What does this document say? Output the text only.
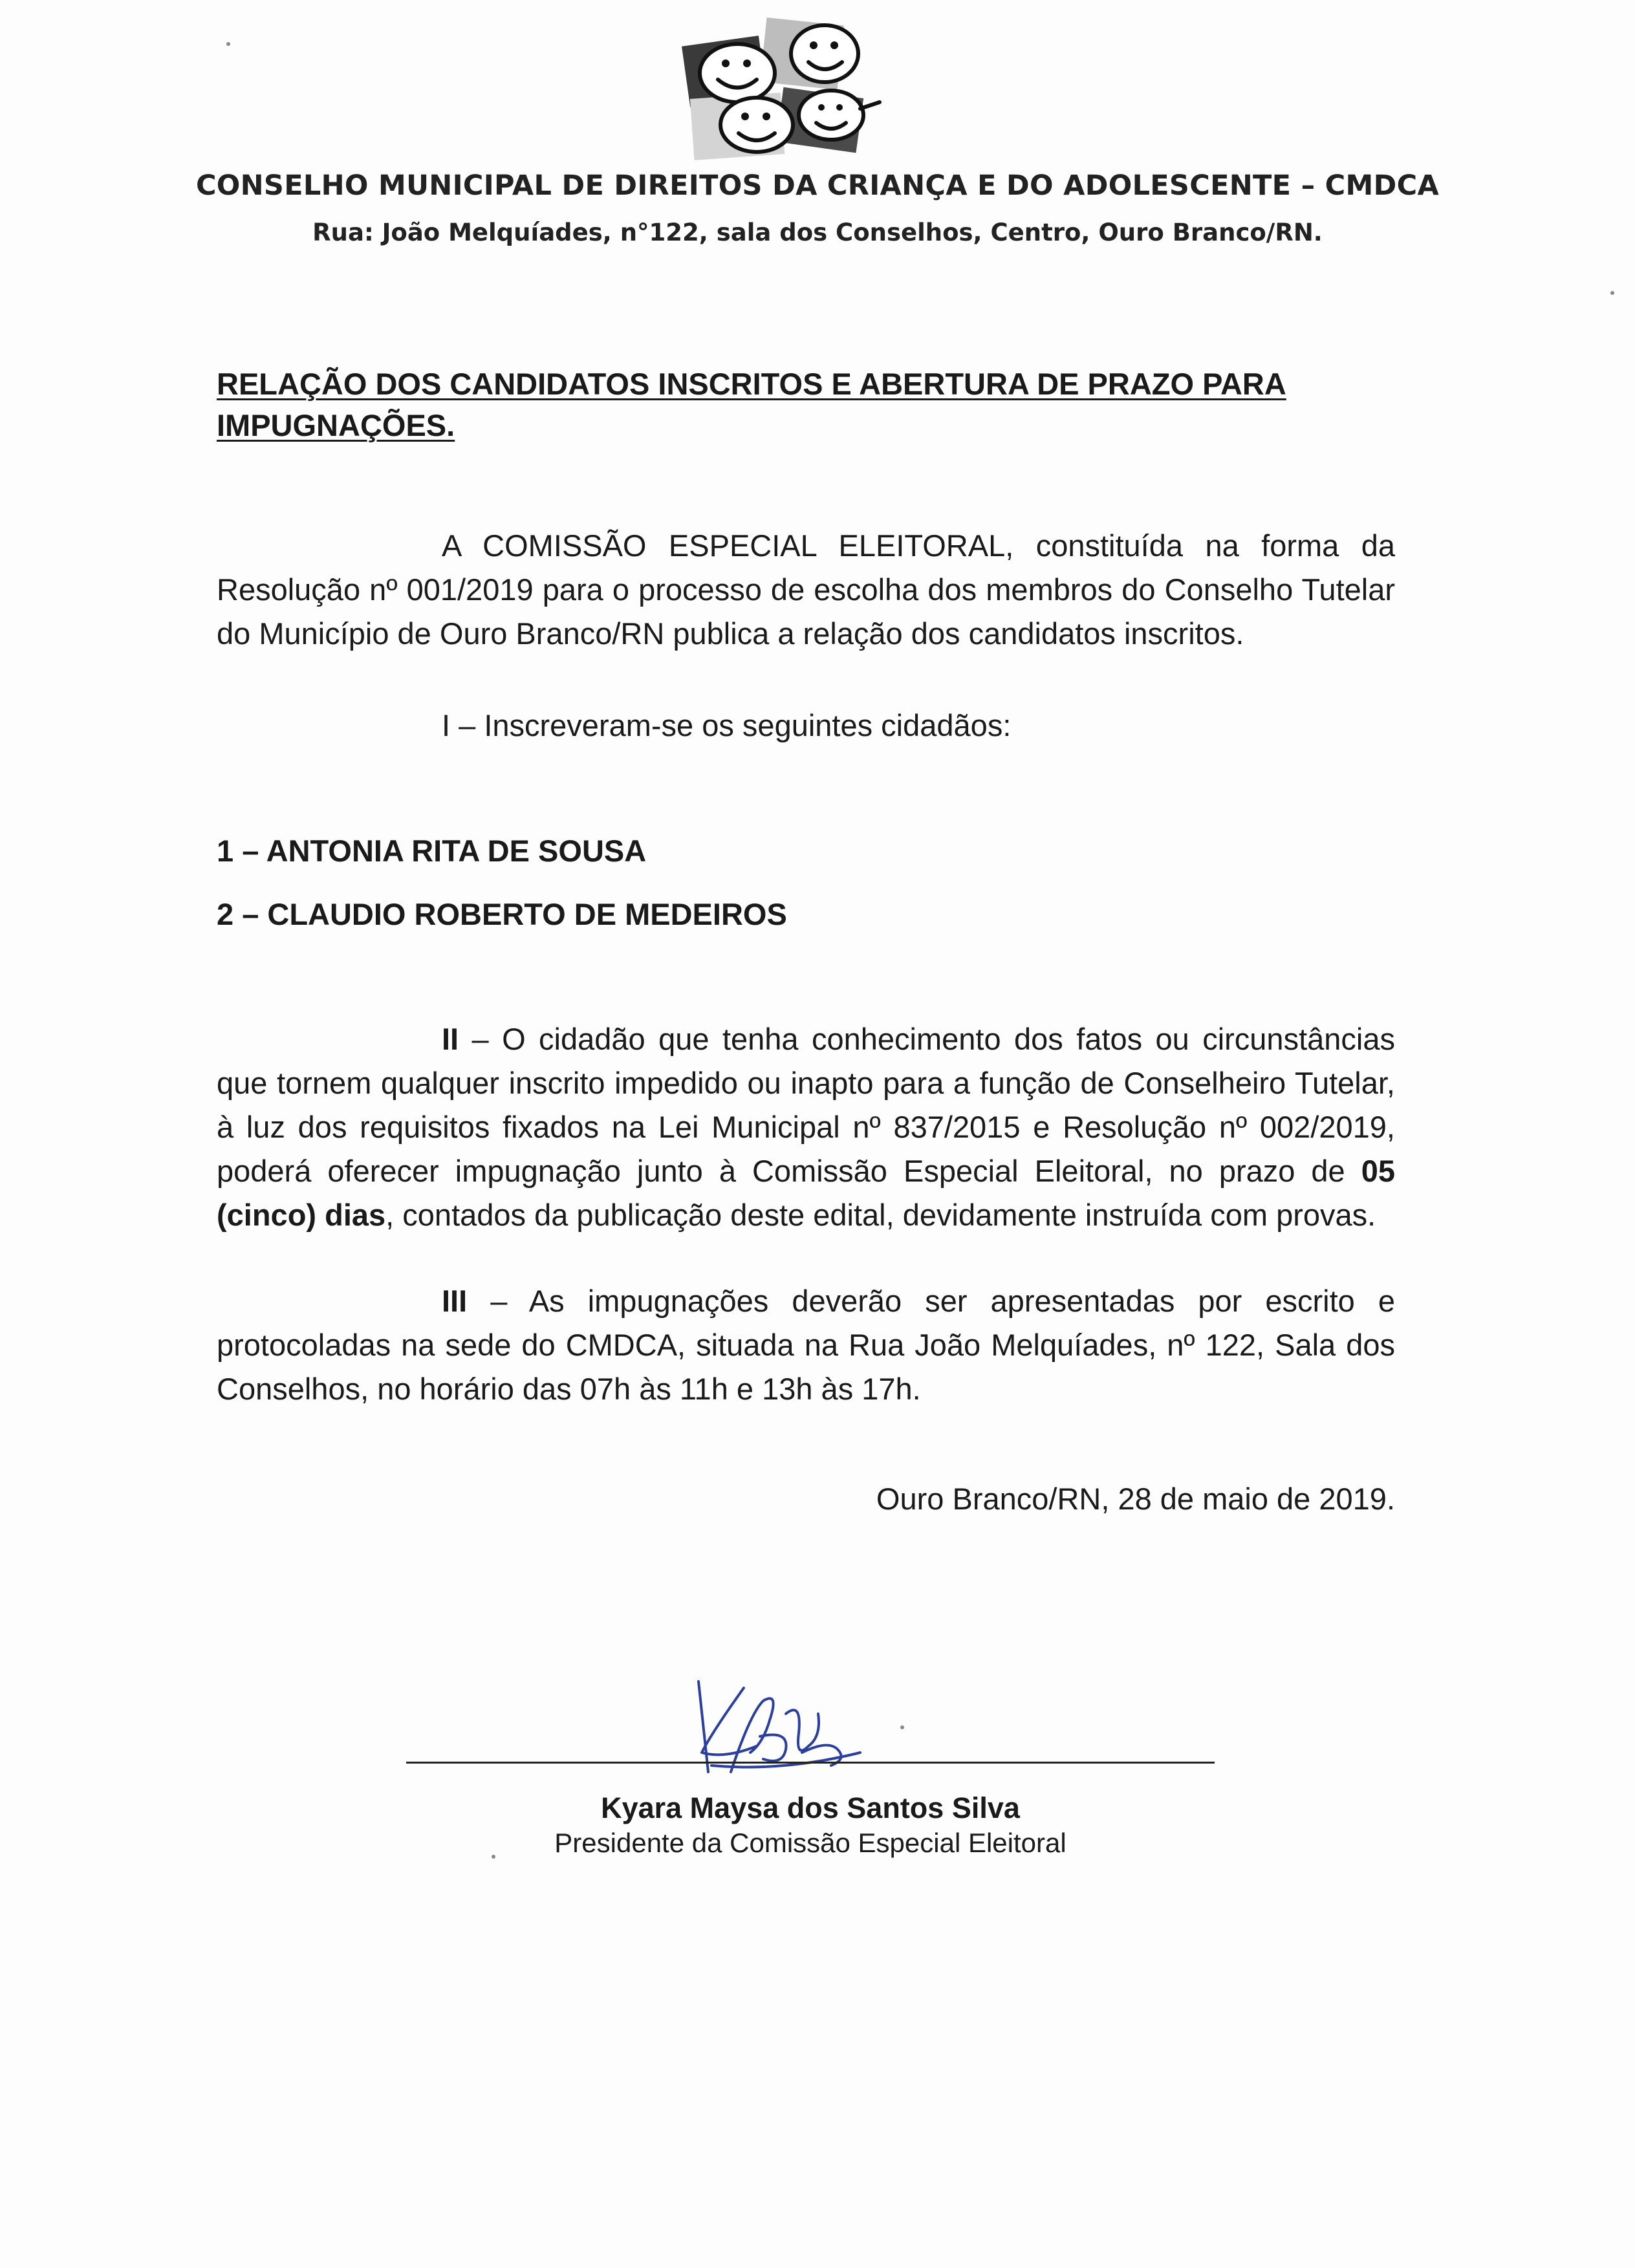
CONSELHO MUNICIPAL DE DIREITOS DA CRIANÇA E DO ADOLESCENTE – CMDCA
Rua: João Melquíades, n°122, sala dos Conselhos, Centro, Ouro Branco/RN.
RELAÇÃO DOS CANDIDATOS INSCRITOS E ABERTURA DE PRAZO PARA IMPUGNAÇÕES.
A COMISSÃO ESPECIAL ELEITORAL, constituída na forma da Resolução nº 001/2019 para o processo de escolha dos membros do Conselho Tutelar do Município de Ouro Branco/RN publica a relação dos candidatos inscritos.
I – Inscreveram-se os seguintes cidadãos:
1 – ANTONIA RITA DE SOUSA
2 – CLAUDIO ROBERTO DE MEDEIROS
II – O cidadão que tenha conhecimento dos fatos ou circunstâncias que tornem qualquer inscrito impedido ou inapto para a função de Conselheiro Tutelar, à luz dos requisitos fixados na Lei Municipal nº 837/2015 e Resolução nº 002/2019, poderá oferecer impugnação junto à Comissão Especial Eleitoral, no prazo de 05 (cinco) dias, contados da publicação deste edital, devidamente instruída com provas.
III – As impugnações deverão ser apresentadas por escrito e protocoladas na sede do CMDCA, situada na Rua João Melquíades, nº 122, Sala dos Conselhos, no horário das 07h às 11h e 13h às 17h.
Ouro Branco/RN, 28 de maio de 2019.
Kyara Maysa dos Santos Silva
Presidente da Comissão Especial Eleitoral
